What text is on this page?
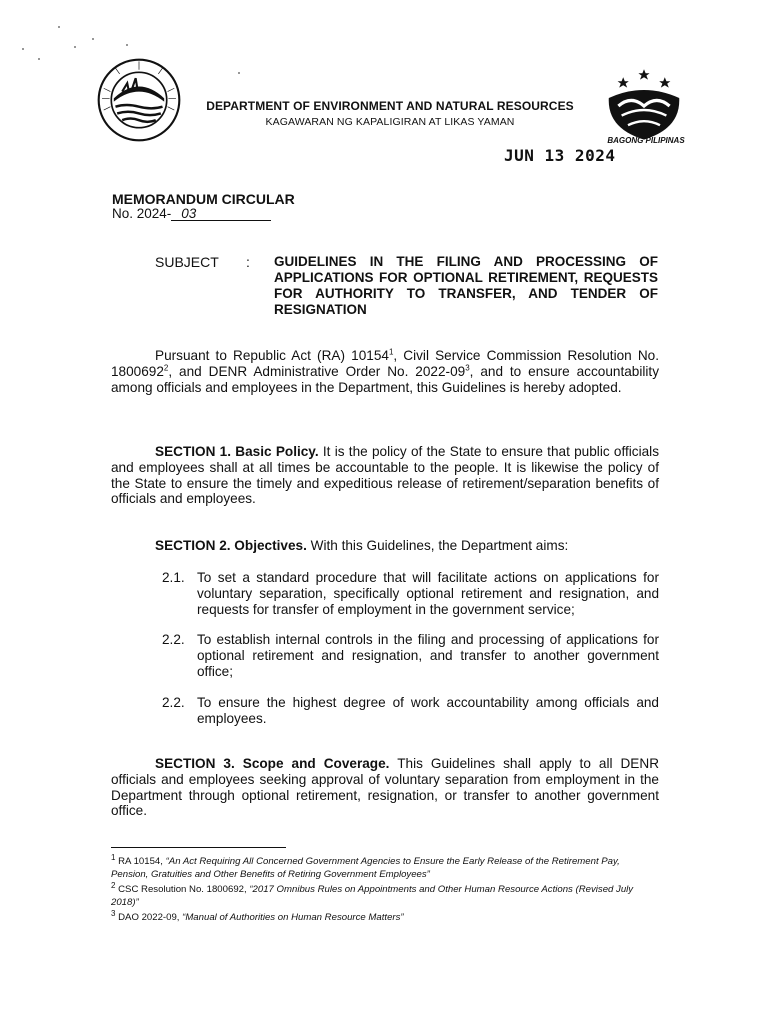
BAGONG PILIPINAS
DEPARTMENT OF ENVIRONMENT AND NATURAL RESOURCES
KAGAWARAN NG KAPALIGIRAN AT LIKAS YAMAN
JUN 13 2024
MEMORANDUM CIRCULAR
No. 2024- 03
SUBJECT : GUIDELINES IN THE FILING AND PROCESSING OF APPLICATIONS FOR OPTIONAL RETIREMENT, REQUESTS FOR AUTHORITY TO TRANSFER, AND TENDER OF RESIGNATION

Pursuant to Republic Act (RA) 10154$^1$, Civil Service Commission Resolution No. 1800692$^2$, and DENR Administrative Order No. $2022-09^3$, and to ensure accountability among officials and employees in the Department, this Guidelines is hereby adopted.

SECTION 1. Basic Policy. It is the policy of the State to ensure that public officials and employees shall at all times be accountable to the people. It is likewise the policy of the State to ensure the timely and expeditious release of retirement/separation benefits of officials and employees.

SECTION 2. Objectives. With this Guidelines, the Department aims:

2.1. To set a standard procedure that will facilitate actions on applications for voluntary separation, specifically optional retirement and resignation, and requests for transfer of employment in the government service;
2.2. To establish internal controls in the filing and processing of applications for optional retirement and resignation, and transfer to another government office;
2.2. To ensure the highest degree of work accountability among officials and employees.

SECTION 3. Scope and Coverage. This Guidelines shall apply to all DENR officials and employees seeking approval of voluntary separation from employment in the Department through optional retirement, resignation, or transfer to another government office.

$^1$ RA 10154, “An Act Requiring All Concerned Government Agencies to Ensure the Early Release of the Retirement Pay, Pension, Gratuities and Other Benefits of Retiring Government Employees”
$^2$ CSC Resolution No. 1800692, “2017 Omnibus Rules on Appointments and Other Human Resource Actions (Revised July 2018)”
$^3$ DAO 2022-09, “Manual of Authorities on Human Resource Matters”
